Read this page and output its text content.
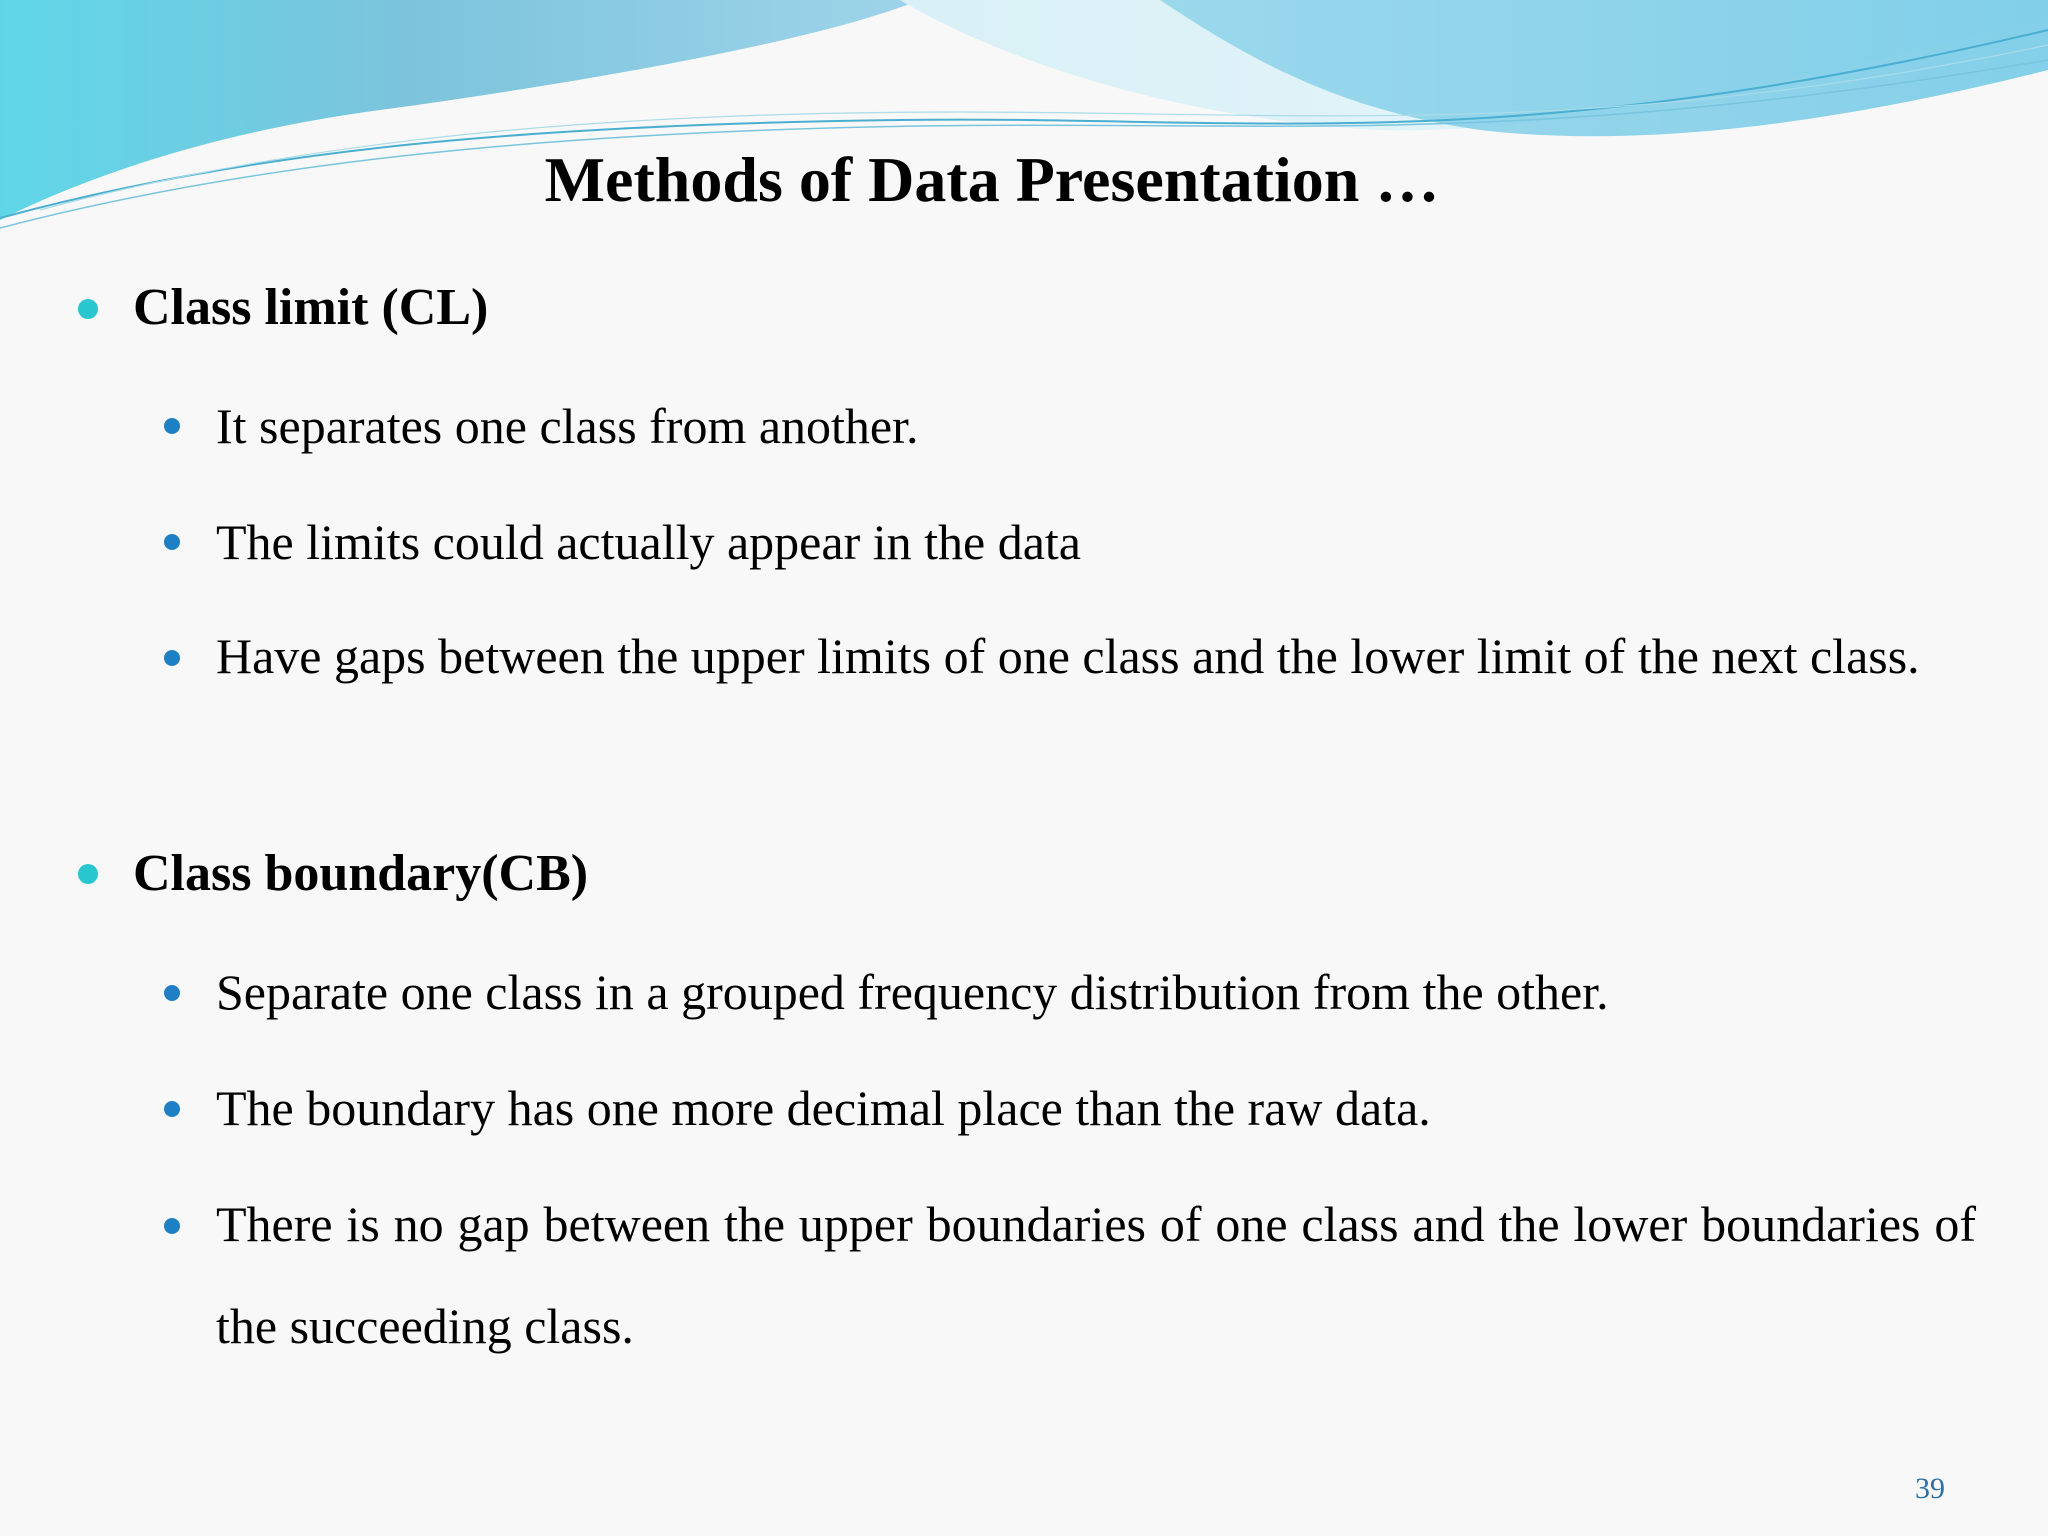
Methods of Data Presentation …
Class limit (CL)
It separates one class from another.
The limits could actually appear in the data
Have gaps between the upper limits of one class and the lower limit of the next class.
Class boundary(CB)
Separate one class in a grouped frequency distribution from the other.
The boundary has one more decimal place than the raw data.
There is no gap between the upper boundaries of one class and the lower boundaries of the succeeding class.
39
